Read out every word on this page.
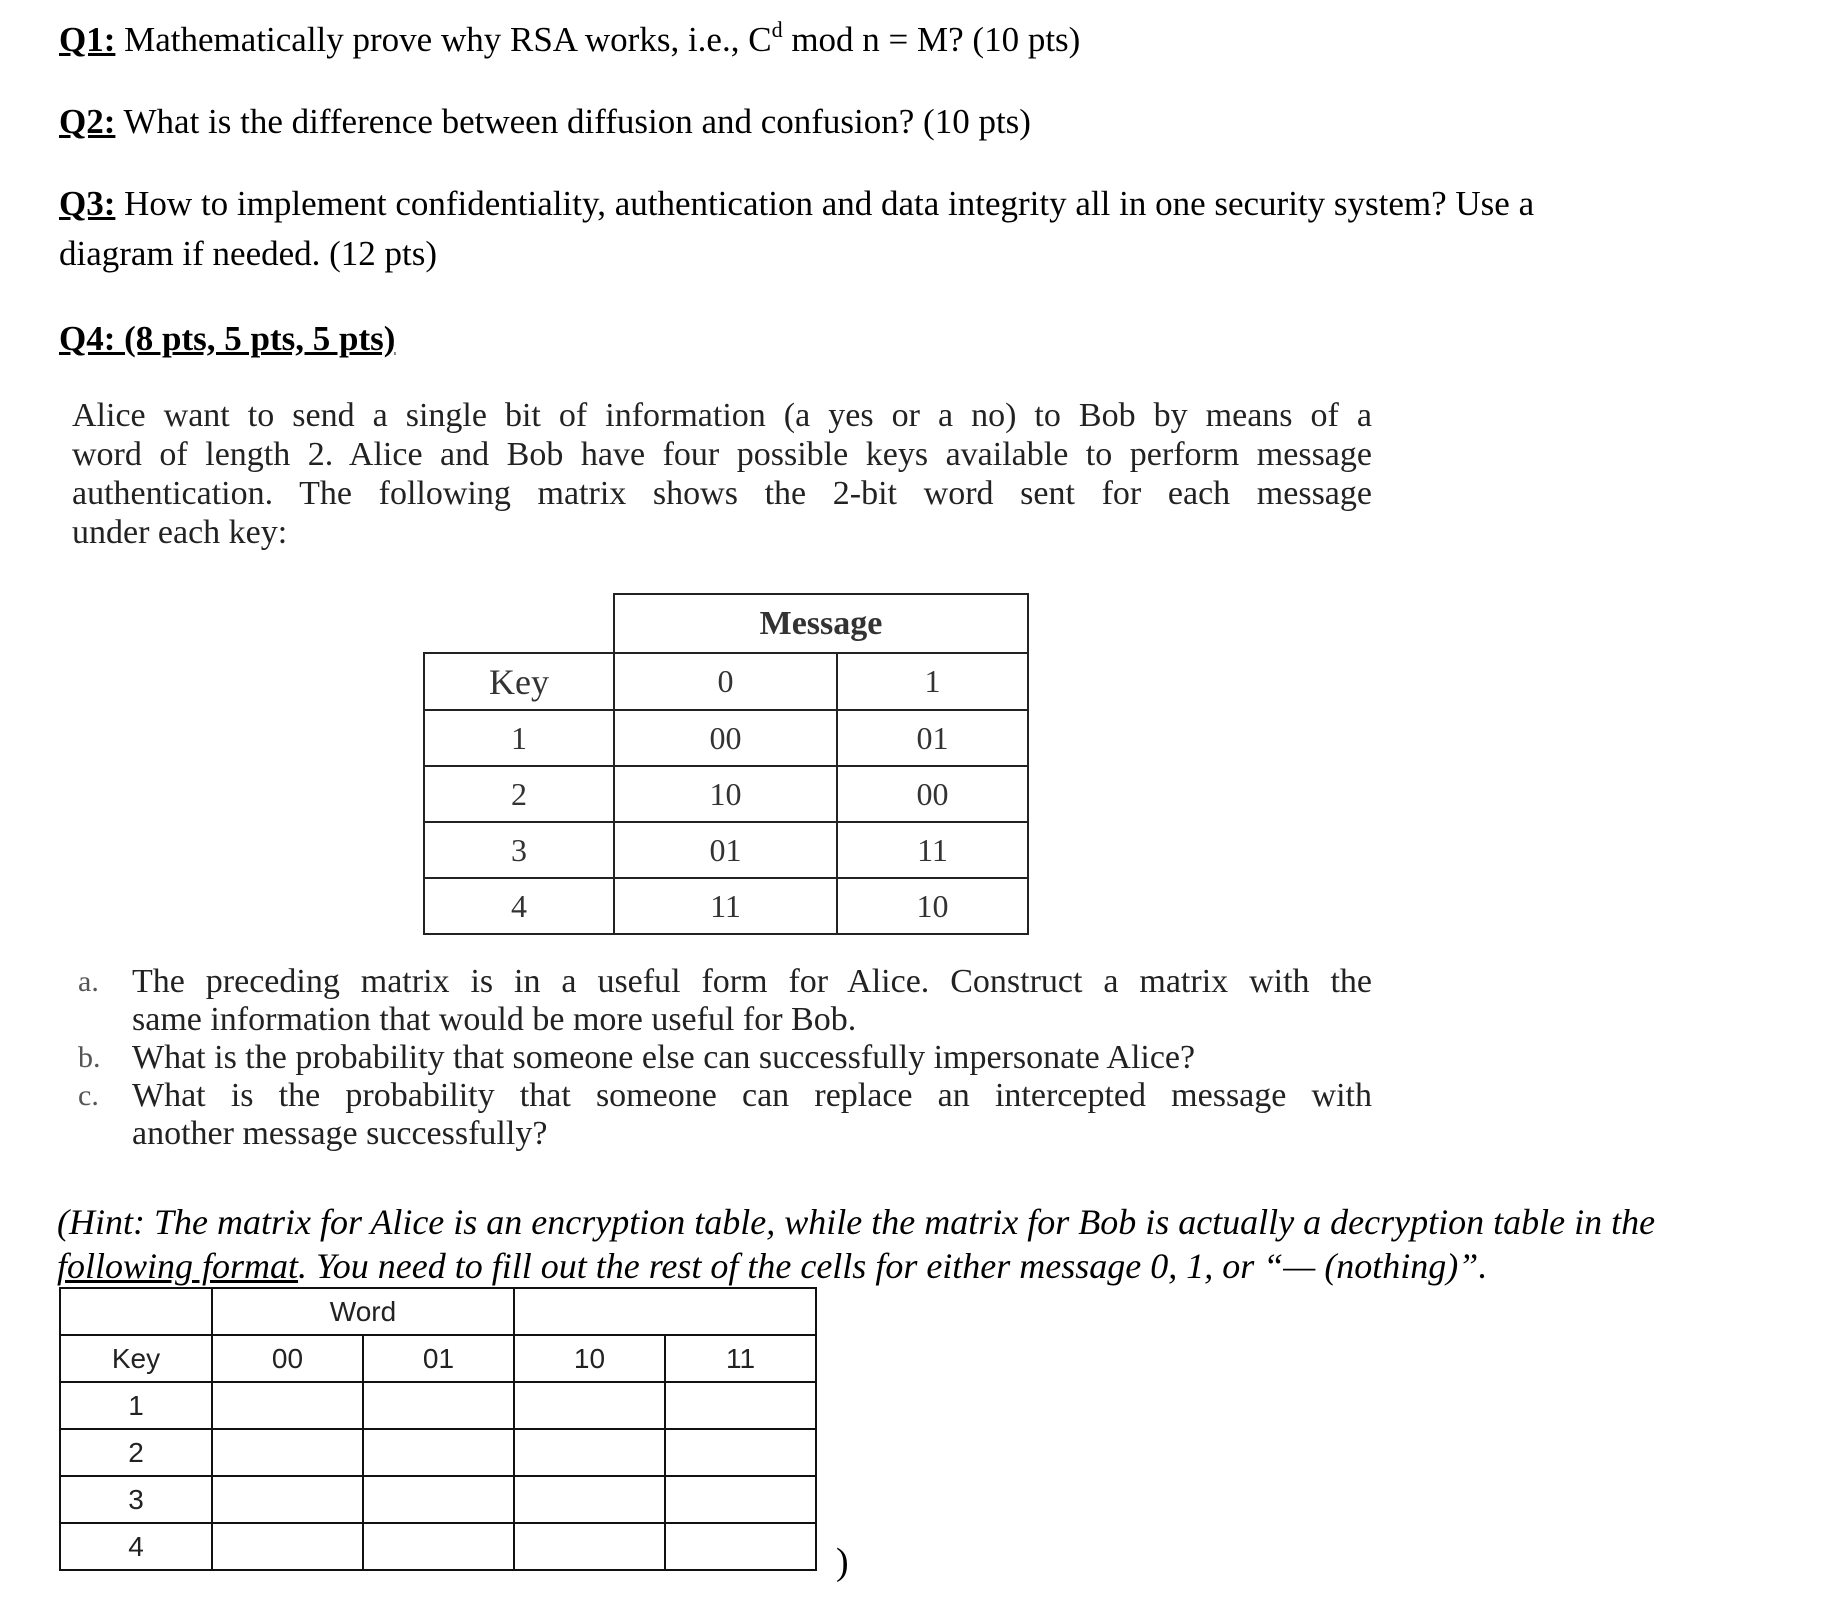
Q1: Mathematically prove why RSA works, i.e., $C^d$ mod n = M? (10 pts)
Q2: What is the difference between diffusion and confusion? (10 pts)
Q3: How to implement confidentiality, authentication and data integrity all in one security system? Use a
diagram if needed. (12 pts)
Q4: (8 pts, 5 pts, 5 pts)
Alice want to send a single bit of information (a yes or a no) to Bob by means of a
word of length 2. Alice and Bob have four possible keys available to perform message
authentication. The following matrix shows the 2-bit word sent for each message
under each key:
	Message	
Key	0	1
1	00	01
2	10	00
3	01	11
4	11	10
a. The preceding matrix is in a useful form for Alice. Construct a matrix with the
same information that would be more useful for Bob.
b. What is the probability that someone else can successfully impersonate Alice?
c. What is the probability that someone can replace an intercepted message with
another message successfully?
(Hint: The matrix for Alice is an encryption table, while the matrix for Bob is actually a decryption table in the
following format. You need to fill out the rest of the cells for either message 0, 1, or “— (nothing)”.
	Word			
Key	00	01	10	11
1				
2				
3				
4					)
